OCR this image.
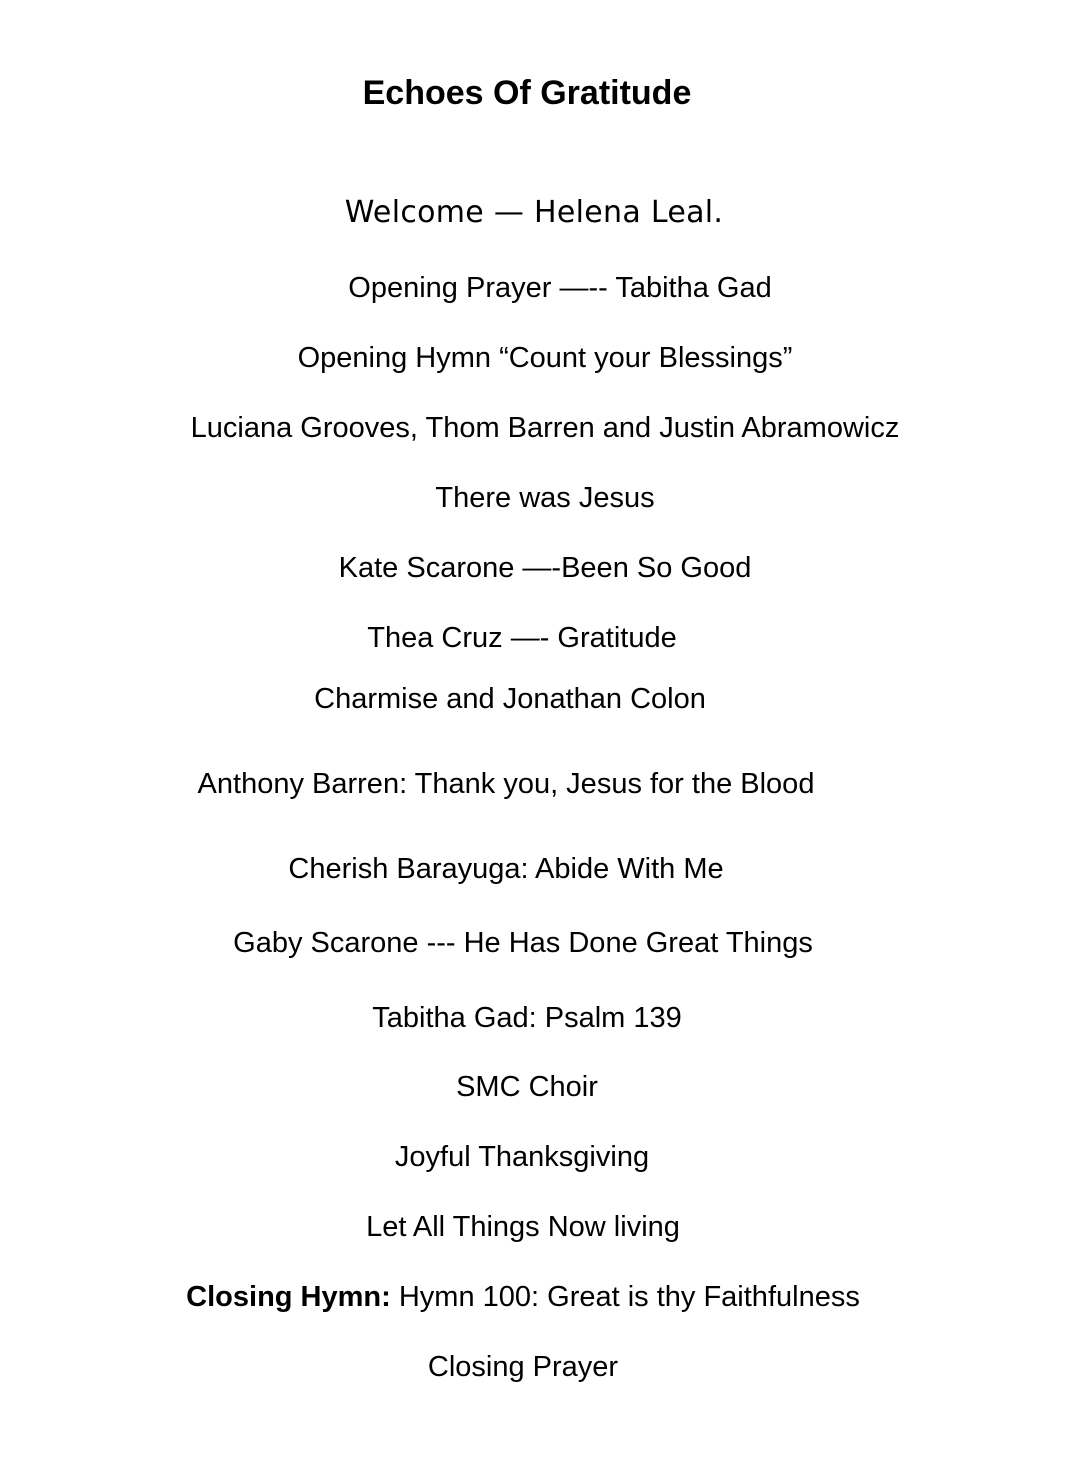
Echoes Of Gratitude
Welcome — Helena Leal.
Opening Prayer —-- Tabitha Gad
Opening Hymn “Count your Blessings”
Luciana Grooves, Thom Barren and Justin Abramowicz
There was Jesus
Kate Scarone —-Been So Good
Thea Cruz —- Gratitude
Charmise and Jonathan Colon
Anthony Barren: Thank you, Jesus for the Blood
Cherish Barayuga: Abide With Me
Gaby Scarone --- He Has Done Great Things
Tabitha Gad: Psalm 139
SMC Choir
Joyful Thanksgiving
Let All Things Now living
Closing Hymn: Hymn 100: Great is thy Faithfulness
Closing Prayer
